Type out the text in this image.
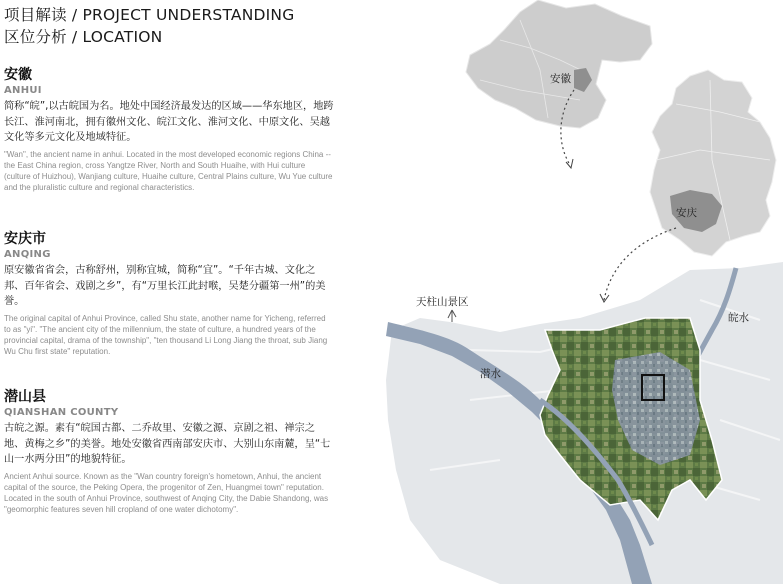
项目解读 / PROJECT UNDERSTANDING
区位分析 / LOCATION

安徽

ANHUI

简称“皖”,以古皖国为名。地处中国经济最发达的区域——华东地区，地跨长江、淮河南北，拥有徽州文化、皖江文化、淮河文化、中原文化、吴越文化等多元文化及地域特征。

"Wan", the ancient name in anhui. Located in the most developed economic regions China -- the East China region, cross Yangtze River, North and South Huaihe, with Hui culture (culture of Huizhou), Wanjiang culture, Huaihe culture, Central Plains culture, Wu Yue culture and the pluralistic culture and regional characteristics.

安庆市

ANQING

原安徽省省会，古称舒州，别称宜城，简称“宜”。“千年古城、文化之邦、百年省会、戏剧之乡”，有“万里长江此封喉，吴楚分疆第一州”的美誉。

The original capital of Anhui Province, called Shu state, another name for Yicheng, referred to as "yi". "The ancient city of the millennium, the state of culture, a hundred years of the provincial capital, drama of the township", "ten thousand Li Long Jiang the throat, sub Jiang Wu Chu first state" reputation.

潜山县

QIANSHAN COUNTY

古皖之源。素有“皖国古都、二乔故里、安徽之源、京剧之祖、禅宗之地、黄梅之乡”的美誉。地处安徽省西南部安庆市、大别山东南麓，呈“七山一水两分田”的地貌特征。

Ancient Anhui source. Known as the "Wan country foreign's hometown, Anhui, the ancient capital of the source, the Peking Opera, the progenitor of Zen, Huangmei town" reputation. Located in the south of Anhui Province, southwest of Anqing City, the Dabie Shandong, was "geomorphic features seven hill cropland of one water dichotomy".

安徽
安庆
天柱山景区
潜水
皖水
